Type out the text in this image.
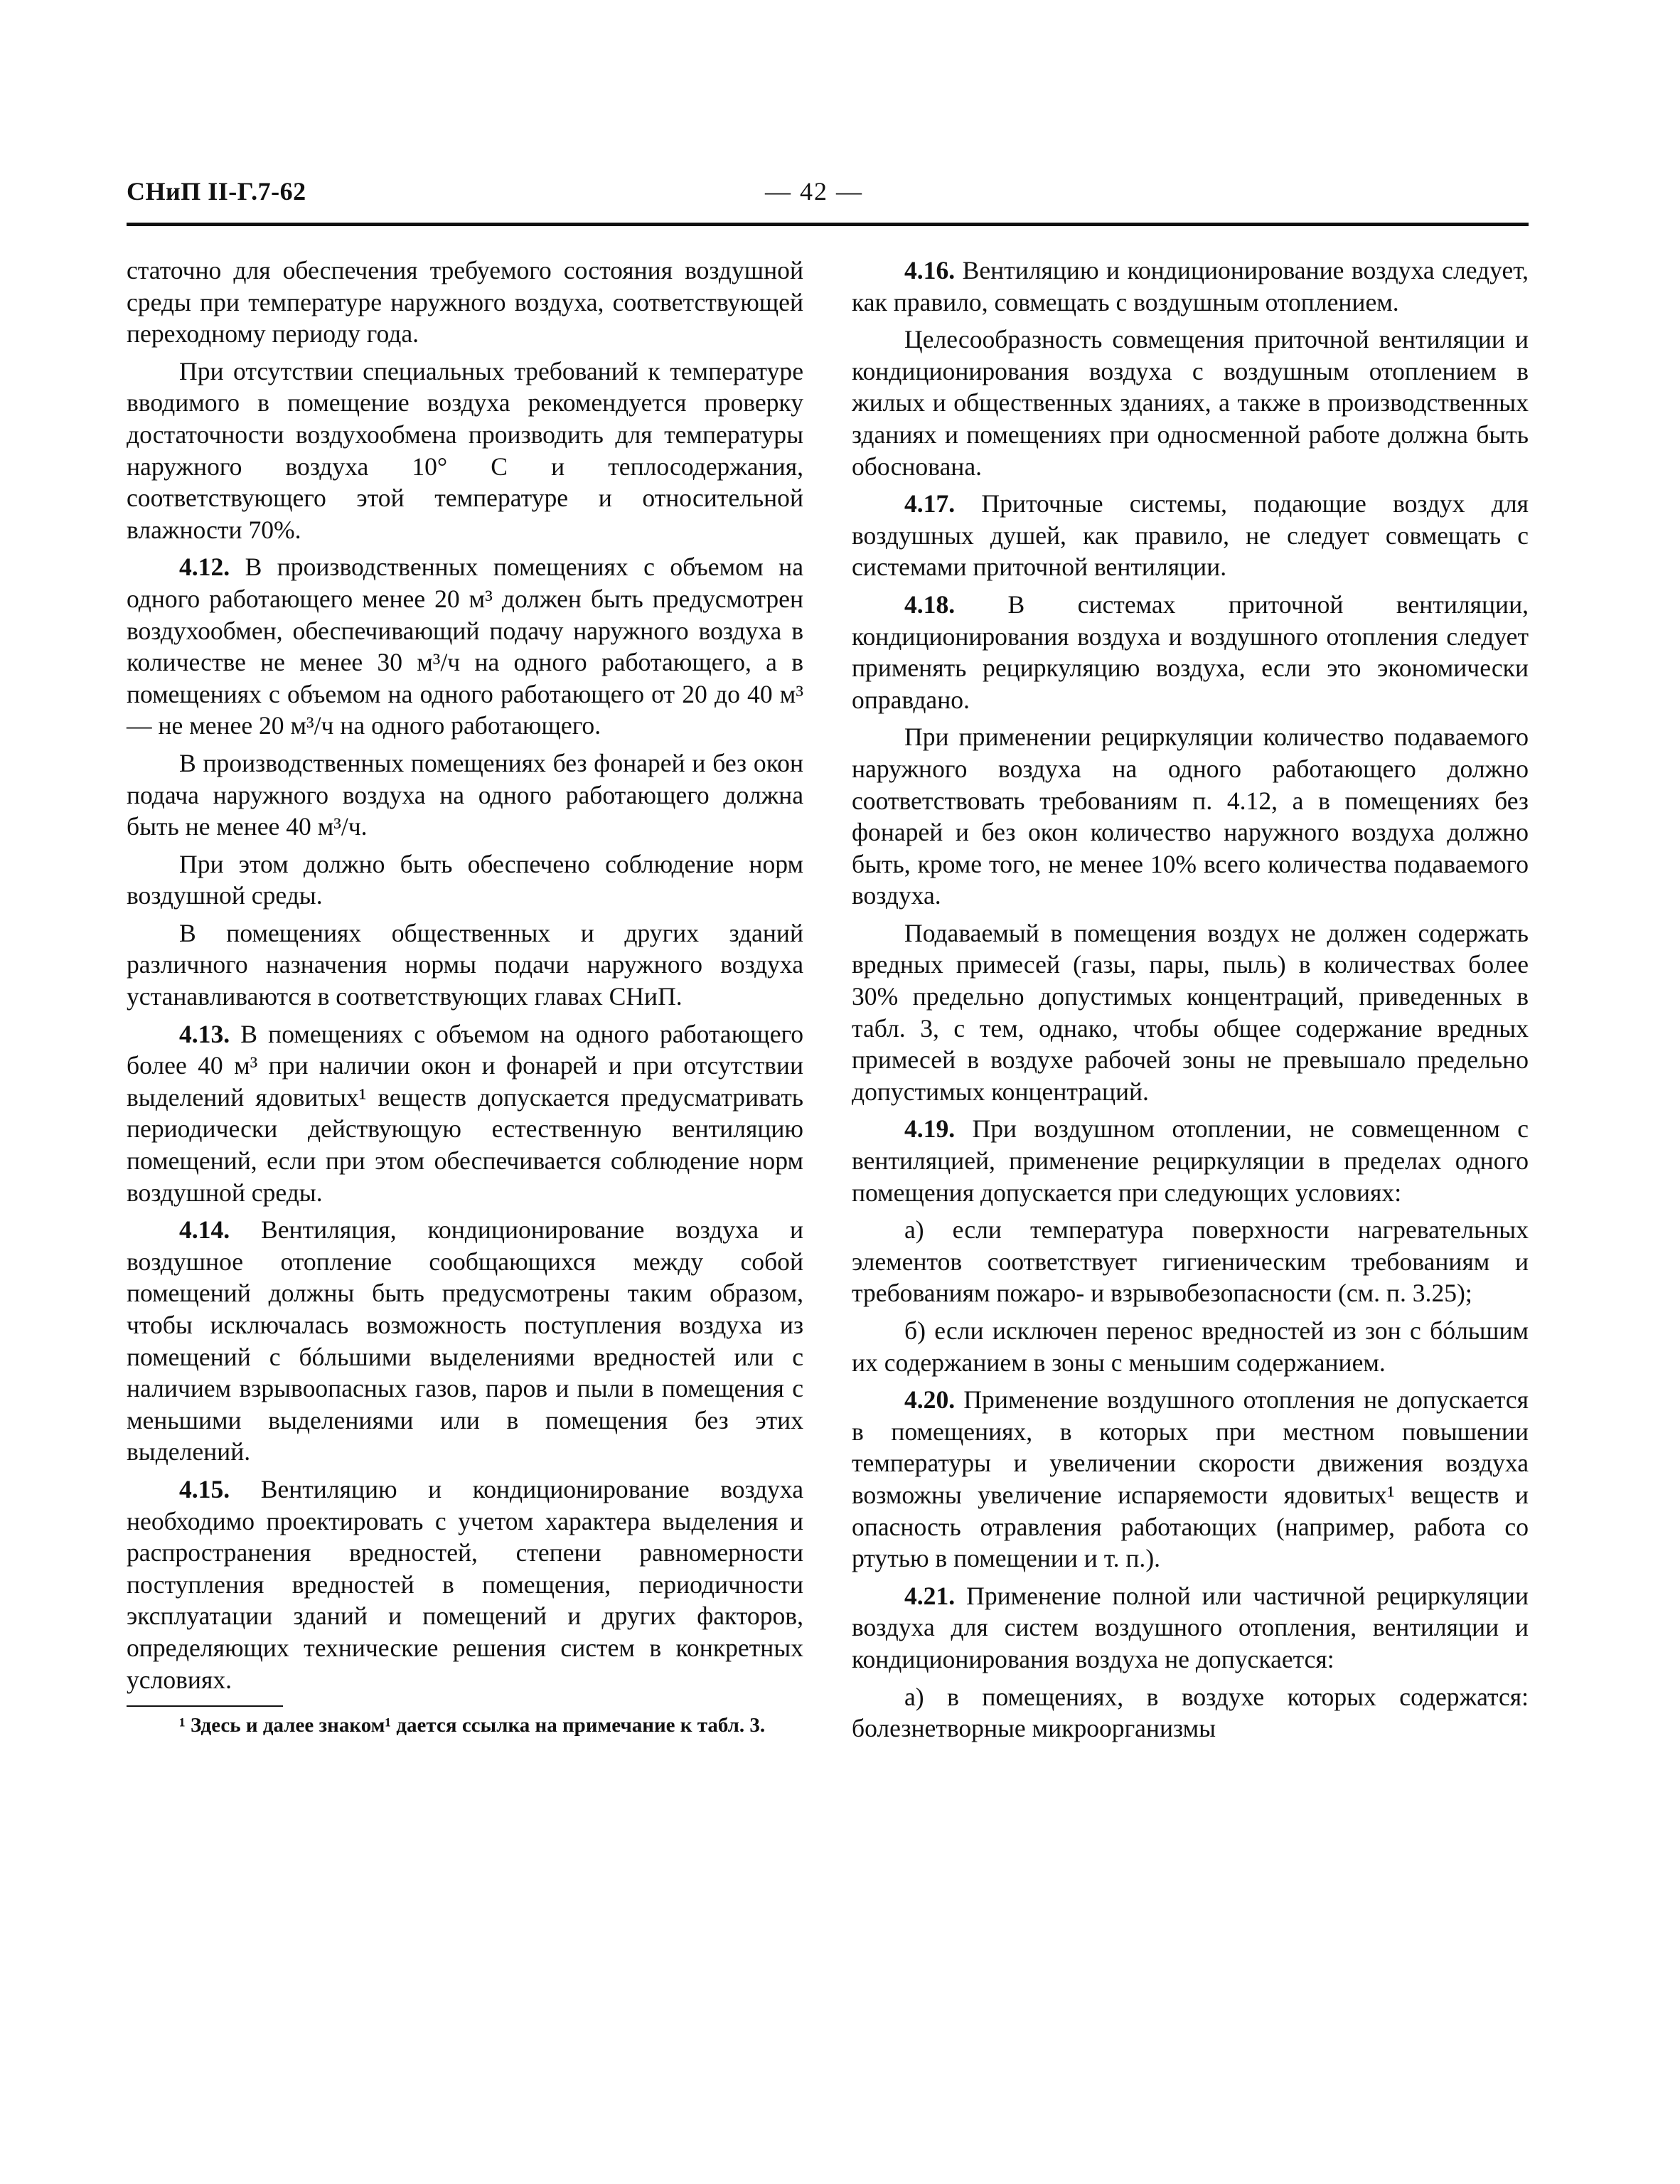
СНиП II-Г.7-62	— 42 —

статочно для обеспечения требуемого состояния воздушной среды при температуре наружного воздуха, соответствующей переходному периоду года.

При отсутствии специальных требований к температуре вводимого в помещение воздуха рекомендуется проверку достаточности воздухообмена производить для температуры наружного воздуха 10° С и теплосодержания, соответствующего этой температуре и относительной влажности 70%.

4.12. В производственных помещениях с объемом на одного работающего менее 20 м³ должен быть предусмотрен воздухообмен, обеспечивающий подачу наружного воздуха в количестве не менее 30 м³/ч на одного работающего, а в помещениях с объемом на одного работающего от 20 до 40 м³ — не менее 20 м³/ч на одного работающего.

В производственных помещениях без фонарей и без окон подача наружного воздуха на одного работающего должна быть не менее 40 м³/ч.

При этом должно быть обеспечено соблюдение норм воздушной среды.

В помещениях общественных и других зданий различного назначения нормы подачи наружного воздуха устанавливаются в соответствующих главах СНиП.

4.13. В помещениях с объемом на одного работающего более 40 м³ при наличии окон и фонарей и при отсутствии выделений ядовитых¹ веществ допускается предусматривать периодически действующую естественную вентиляцию помещений, если при этом обеспечивается соблюдение норм воздушной среды.

4.14. Вентиляция, кондиционирование воздуха и воздушное отопление сообщающихся между собой помещений должны быть предусмотрены таким образом, чтобы исключалась возможность поступления воздуха из помещений с бóльшими выделениями вредностей или с наличием взрывоопасных газов, паров и пыли в помещения с меньшими выделениями или в помещения без этих выделений.

4.15. Вентиляцию и кондиционирование воздуха необходимо проектировать с учетом характера выделения и распространения вредностей, степени равномерности поступления вредностей в помещения, периодичности эксплуатации зданий и помещений и других факторов, определяющих технические решения систем в конкретных условиях.

¹ Здесь и далее знаком¹ дается ссылка на примечание к табл. 3.

4.16. Вентиляцию и кондиционирование воздуха следует, как правило, совмещать с воздушным отоплением.

Целесообразность совмещения приточной вентиляции и кондиционирования воздуха с воздушным отоплением в жилых и общественных зданиях, а также в производственных зданиях и помещениях при односменной работе должна быть обоснована.

4.17. Приточные системы, подающие воздух для воздушных душей, как правило, не следует совмещать с системами приточной вентиляции.

4.18. В системах приточной вентиляции, кондиционирования воздуха и воздушного отопления следует применять рециркуляцию воздуха, если это экономически оправдано.

При применении рециркуляции количество подаваемого наружного воздуха на одного работающего должно соответствовать требованиям п. 4.12, а в помещениях без фонарей и без окон количество наружного воздуха должно быть, кроме того, не менее 10% всего количества подаваемого воздуха.

Подаваемый в помещения воздух не должен содержать вредных примесей (газы, пары, пыль) в количествах более 30% предельно допустимых концентраций, приведенных в табл. 3, с тем, однако, чтобы общее содержание вредных примесей в воздухе рабочей зоны не превышало предельно допустимых концентраций.

4.19. При воздушном отоплении, не совмещенном с вентиляцией, применение рециркуляции в пределах одного помещения допускается при следующих условиях:

а) если температура поверхности нагревательных элементов соответствует гигиеническим требованиям и требованиям пожаро- и взрывобезопасности (см. п. 3.25);

б) если исключен перенос вредностей из зон с бóльшим их содержанием в зоны с меньшим содержанием.

4.20. Применение воздушного отопления не допускается в помещениях, в которых при местном повышении температуры и увеличении скорости движения воздуха возможны увеличение испаряемости ядовитых¹ веществ и опасность отравления работающих (например, работа со ртутью в помещении и т. п.).

4.21. Применение полной или частичной рециркуляции воздуха для систем воздушного отопления, вентиляции и кондиционирования воздуха не допускается:

а) в помещениях, в воздухе которых содержатся: болезнетворные микроорганизмы
